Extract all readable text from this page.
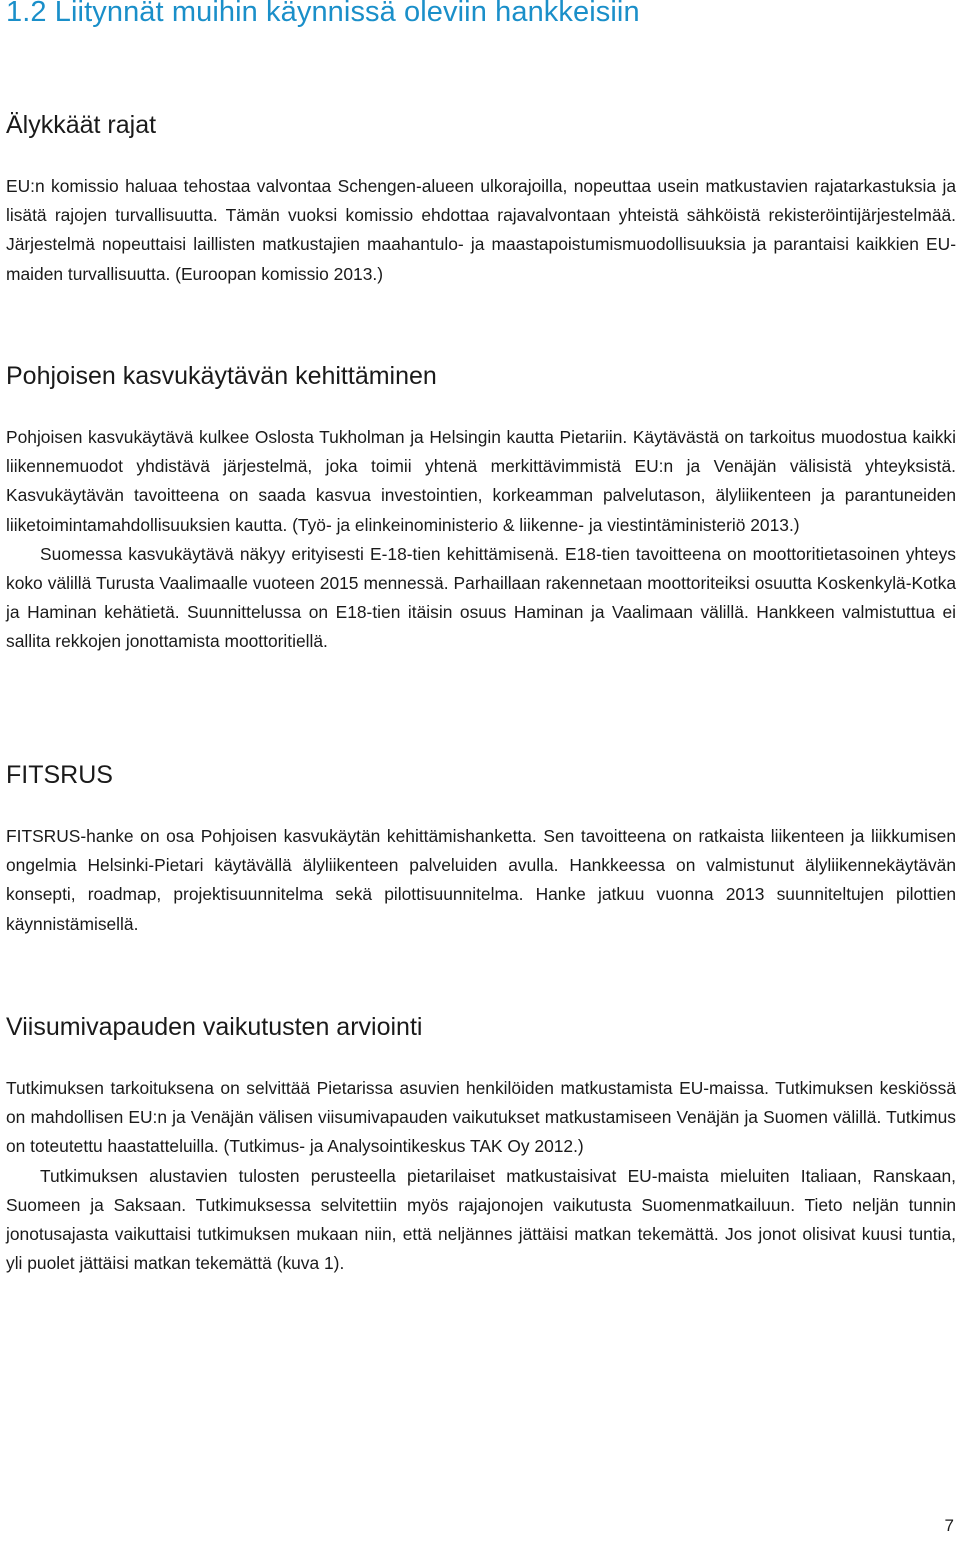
1.2 Liitynnät muihin käynnissä oleviin hankkeisiin
Älykkäät rajat

EU:n komissio haluaa tehostaa valvontaa Schengen-alueen ulkorajoilla, nopeuttaa usein matkustavien rajatarkastuksia ja lisätä rajojen turvallisuutta. Tämän vuoksi komissio ehdottaa rajavalvontaan yhteistä sähköistä rekisteröintijärjestelmää. Järjestelmä nopeuttaisi laillisten matkustajien maahantulo- ja maastapoistumismuodollisuuksia ja parantaisi kaikkien EU-maiden turvallisuutta. (Euroopan komissio 2013.)

Pohjoisen kasvukäytävän kehittäminen

Pohjoisen kasvukäytävä kulkee Oslosta Tukholman ja Helsingin kautta Pietariin. Käytävästä on tarkoitus muodostua kaikki liikennemuodot yhdistävä järjestelmä, joka toimii yhtenä merkittävimmistä EU:n ja Venäjän välisistä yhteyksistä. Kasvukäytävän tavoitteena on saada kasvua investointien, korkeamman palvelutason, älyliikenteen ja parantuneiden liiketoimintamahdollisuuksien kautta. (Työ- ja elinkeinoministerio & liikenne- ja viestintäministeriö 2013.)

Suomessa kasvukäytävä näkyy erityisesti E-18-tien kehittämisenä. E18-tien tavoitteena on moottoritietasoinen yhteys koko välillä Turusta Vaalimaalle vuoteen 2015 mennessä. Parhaillaan rakennetaan moottoriteiksi osuutta Koskenkylä-Kotka ja Haminan kehätietä. Suunnittelussa on E18-tien itäisin osuus Haminan ja Vaalimaan välillä. Hankkeen valmistuttua ei sallita rekkojen jonottamista moottoritiellä.

FITSRUS

FITSRUS-hanke on osa Pohjoisen kasvukäytän kehittämishanketta. Sen tavoitteena on ratkaista liikenteen ja liikkumisen ongelmia Helsinki-Pietari käytävällä älyliikenteen palveluiden avulla. Hankkeessa on valmistunut älyliikennekäytävän konsepti, roadmap, projektisuunnitelma sekä pilottisuunnitelma. Hanke jatkuu vuonna 2013 suunniteltujen pilottien käynnistämisellä.

Viisumivapauden vaikutusten arviointi

Tutkimuksen tarkoituksena on selvittää Pietarissa asuvien henkilöiden matkustamista EU-maissa. Tutkimuksen keskiössä on mahdollisen EU:n ja Venäjän välisen viisumivapauden vaikutukset matkustamiseen Venäjän ja Suomen välillä. Tutkimus on toteutettu haastatteluilla. (Tutkimus- ja Analysointikeskus TAK Oy 2012.)

Tutkimuksen alustavien tulosten perusteella pietarilaiset matkustaisivat EU-maista mieluiten Italiaan, Ranskaan, Suomeen ja Saksaan. Tutkimuksessa selvitettiin myös rajajonojen vaikutusta Suomenmatkailuun. Tieto neljän tunnin jonotusajasta vaikuttaisi tutkimuksen mukaan niin, että neljännes jättäisi matkan tekemättä. Jos jonot olisivat kuusi tuntia, yli puolet jättäisi matkan tekemättä (kuva 1).

7
